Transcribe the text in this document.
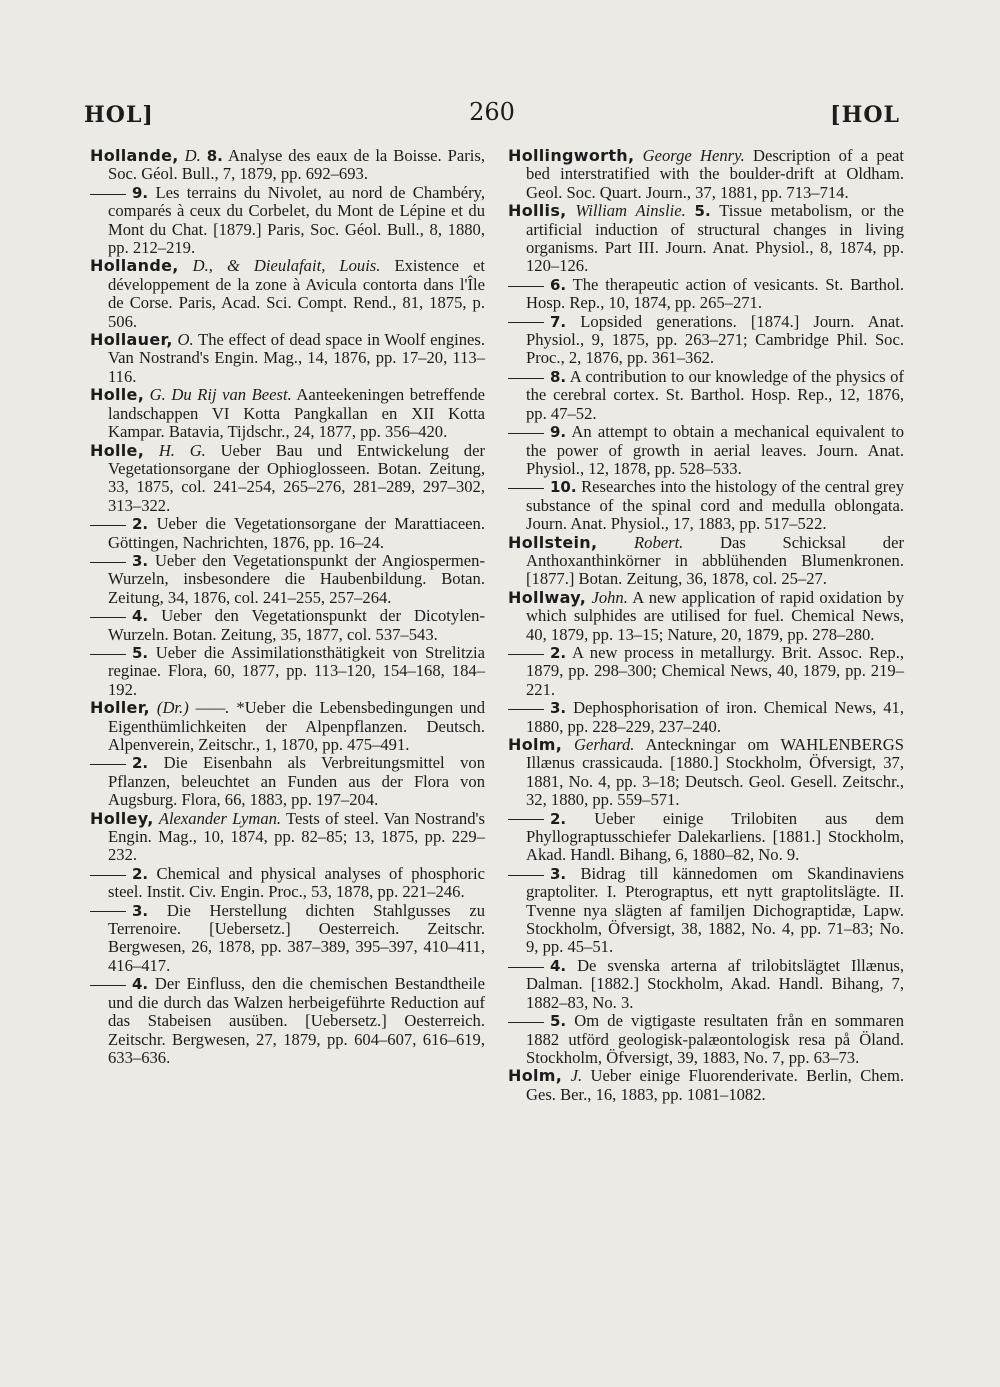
HOL]	260	[HOL

Hollande, D. 8. Analyse des eaux de la Boisse. Paris, Soc. Géol. Bull., 7, 1879, pp. 692–693.

9. Les terrains du Nivolet, au nord de Chambéry, comparés à ceux du Corbelet, du Mont de Lépine et du Mont du Chat. [1879.] Paris, Soc. Géol. Bull., 8, 1880, pp. 212–219.

Hollande, D., & Dieulafait, Louis. Existence et développement de la zone à Avicula contorta dans l'Île de Corse. Paris, Acad. Sci. Compt. Rend., 81, 1875, p. 506.

Hollauer, O. The effect of dead space in Woolf engines. Van Nostrand's Engin. Mag., 14, 1876, pp. 17–20, 113–116.

Holle, G. Du Rij van Beest. Aanteekeningen betreffende landschappen VI Kotta Pangkallan en XII Kotta Kampar. Batavia, Tijdschr., 24, 1877, pp. 356–420.

Holle, H. G. Ueber Bau und Entwickelung der Vegetationsorgane der Ophioglosseen. Botan. Zeitung, 33, 1875, col. 241–254, 265–276, 281–289, 297–302, 313–322.

2. Ueber die Vegetationsorgane der Marattiaceen. Göttingen, Nachrichten, 1876, pp. 16–24.

3. Ueber den Vegetationspunkt der Angiospermen-Wurzeln, insbesondere die Haubenbildung. Botan. Zeitung, 34, 1876, col. 241–255, 257–264.

4. Ueber den Vegetationspunkt der Dicotylen-Wurzeln. Botan. Zeitung, 35, 1877, col. 537–543.

5. Ueber die Assimilationsthätigkeit von Strelitzia reginae. Flora, 60, 1877, pp. 113–120, 154–168, 184–192.

Holler, (Dr.) ——. *Ueber die Lebensbedingungen und Eigenthümlichkeiten der Alpenpflanzen. Deutsch. Alpenverein, Zeitschr., 1, 1870, pp. 475–491.

2. Die Eisenbahn als Verbreitungsmittel von Pflanzen, beleuchtet an Funden aus der Flora von Augsburg. Flora, 66, 1883, pp. 197–204.

Holley, Alexander Lyman. Tests of steel. Van Nostrand's Engin. Mag., 10, 1874, pp. 82–85; 13, 1875, pp. 229–232.

2. Chemical and physical analyses of phosphoric steel. Instit. Civ. Engin. Proc., 53, 1878, pp. 221–246.

3. Die Herstellung dichten Stahlgusses zu Terrenoire. [Uebersetz.] Oesterreich. Zeitschr. Bergwesen, 26, 1878, pp. 387–389, 395–397, 410–411, 416–417.

4. Der Einfluss, den die chemischen Bestandtheile und die durch das Walzen herbeigeführte Reduction auf das Stabeisen ausüben. [Uebersetz.] Oesterreich. Zeitschr. Bergwesen, 27, 1879, pp. 604–607, 616–619, 633–636.

Hollingworth, George Henry. Description of a peat bed interstratified with the boulder-drift at Oldham. Geol. Soc. Quart. Journ., 37, 1881, pp. 713–714.

Hollis, William Ainslie. 5. Tissue metabolism, or the artificial induction of structural changes in living organisms. Part III. Journ. Anat. Physiol., 8, 1874, pp. 120–126.

6. The therapeutic action of vesicants. St. Barthol. Hosp. Rep., 10, 1874, pp. 265–271.

7. Lopsided generations. [1874.] Journ. Anat. Physiol., 9, 1875, pp. 263–271; Cambridge Phil. Soc. Proc., 2, 1876, pp. 361–362.

8. A contribution to our knowledge of the physics of the cerebral cortex. St. Barthol. Hosp. Rep., 12, 1876, pp. 47–52.

9. An attempt to obtain a mechanical equivalent to the power of growth in aerial leaves. Journ. Anat. Physiol., 12, 1878, pp. 528–533.

10. Researches into the histology of the central grey substance of the spinal cord and medulla oblongata. Journ. Anat. Physiol., 17, 1883, pp. 517–522.

Hollstein, Robert. Das Schicksal der Anthoxanthinkörner in abblühenden Blumenkronen. [1877.] Botan. Zeitung, 36, 1878, col. 25–27.

Hollway, John. A new application of rapid oxidation by which sulphides are utilised for fuel. Chemical News, 40, 1879, pp. 13–15; Nature, 20, 1879, pp. 278–280.

2. A new process in metallurgy. Brit. Assoc. Rep., 1879, pp. 298–300; Chemical News, 40, 1879, pp. 219–221.

3. Dephosphorisation of iron. Chemical News, 41, 1880, pp. 228–229, 237–240.

Holm, Gerhard. Anteckningar om WAHLENBERGS Illænus crassicauda. [1880.] Stockholm, Öfversigt, 37, 1881, No. 4, pp. 3–18; Deutsch. Geol. Gesell. Zeitschr., 32, 1880, pp. 559–571.

2. Ueber einige Trilobiten aus dem Phyllograptusschiefer Dalekarliens. [1881.] Stockholm, Akad. Handl. Bihang, 6, 1880–82, No. 9.

3. Bidrag till kännedomen om Skandinaviens graptoliter. I. Pterograptus, ett nytt graptolitslägte. II. Tvenne nya slägten af familjen Dichograptidæ, Lapw. Stockholm, Öfversigt, 38, 1882, No. 4, pp. 71–83; No. 9, pp. 45–51.

4. De svenska arterna af trilobitslägtet Illænus, Dalman. [1882.] Stockholm, Akad. Handl. Bihang, 7, 1882–83, No. 3.

5. Om de vigtigaste resultaten från en sommaren 1882 utförd geologisk-palæontologisk resa på Öland. Stockholm, Öfversigt, 39, 1883, No. 7, pp. 63–73.

Holm, J. Ueber einige Fluorenderivate. Berlin, Chem. Ges. Ber., 16, 1883, pp. 1081–1082.
